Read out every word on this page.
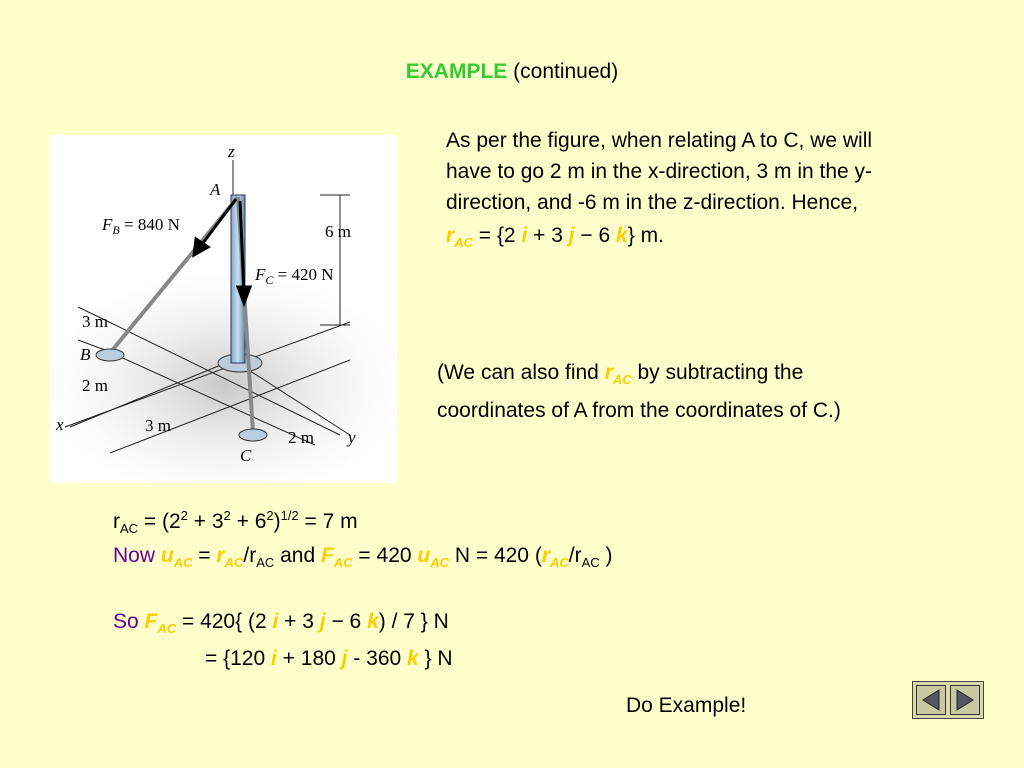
EXAMPLE (continued)
z
A
$F_B = 840$ N	6 m
$F_C = 420$ N
3 m
B
2 m
x	3 m
2 m y
C
As per the figure, when relating A to C, we will
have to go 2 m in the x-direction, 3 m in the y-
direction, and -6 m in the z-direction. Hence,
$r_{AC} = \{2$ i + 3 j − 6 k} m.
(We can also find $r_{AC}$ by subtracting the
coordinates of A from the coordinates of C.)
$r_{AC} = (2^2 + 3^2 + 6^2)^{1/2} = 7$ m
Now $u_{AC} = r_{AC}/r_{AC}$ and $F_{AC} = 420$ $u_{AC}$ N = 420 ($r_{AC}/r_{AC}$ )
So $F_{AC} = 420${ (2 i + 3 j − 6 k) / 7 } N
= {120 i + 180 j - 360 k } N
Do Example!
